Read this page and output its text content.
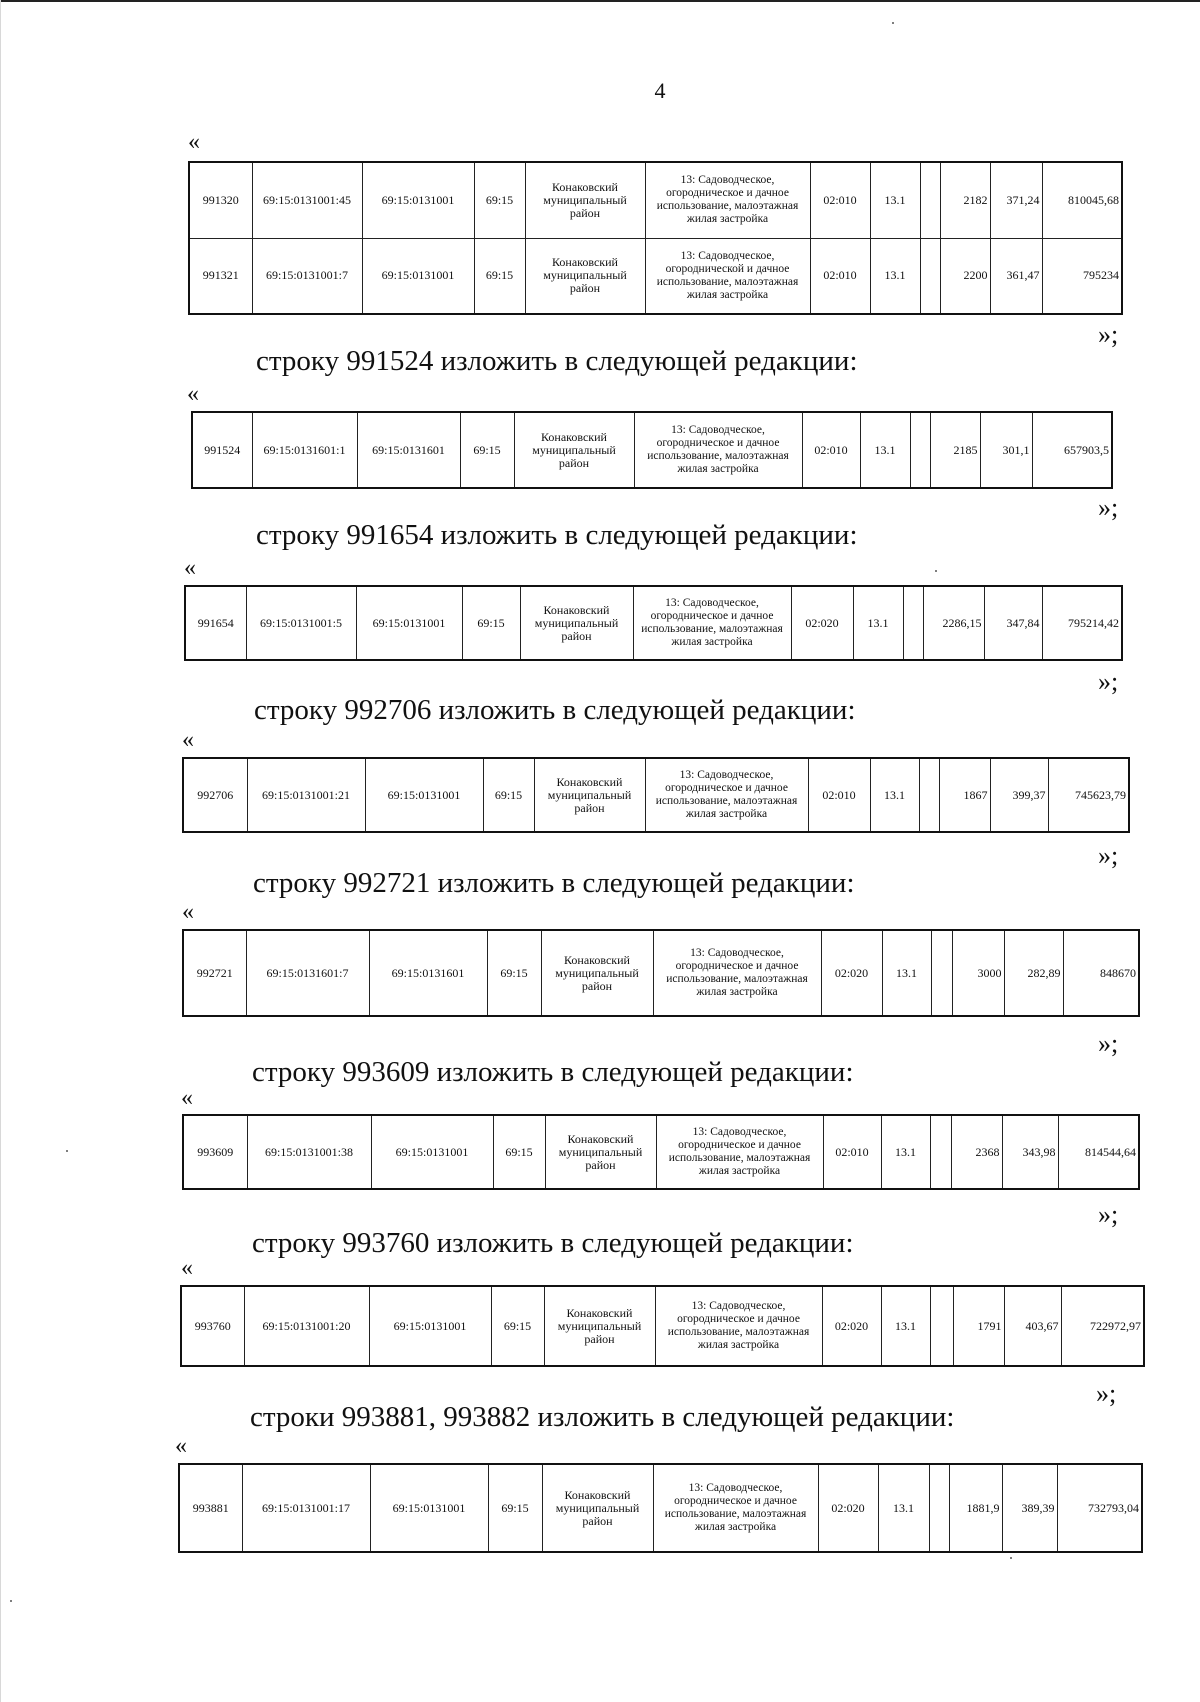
4
«
991320	69:15:0131001:45	69:15:0131001	69:15	Конаковский муниципальный район	13: Садоводческое, огородническое и дачное использование, малоэтажная жилая застройка	02:010	13.1		2182	371,24	810045,68
991321	69:15:0131001:7	69:15:0131001	69:15	Конаковский муниципальный район	13: Садоводческое, огороднической и дачное использование, малоэтажная жилая застройка	02:010	13.1		2200	361,47	795234
»;
строку 991524 изложить в следующей редакции:
«
991524	69:15:0131601:1	69:15:0131601	69:15	Конаковский муниципальный район	13: Садоводческое, огородническое и дачное использование, малоэтажная жилая застройка	02:010	13.1		2185	301,1	657903,5
»;
строку 991654 изложить в следующей редакции:
«
991654	69:15:0131001:5	69:15:0131001	69:15	Конаковский муниципальный район	13: Садоводческое, огородническое и дачное использование, малоэтажная жилая застройка	02:020	13.1		2286,15	347,84	795214,42
»;
строку 992706 изложить в следующей редакции:
«
992706	69:15:0131001:21	69:15:0131001	69:15	Конаковский муниципальный район	13: Садоводческое, огородническое и дачное использование, малоэтажная жилая застройка	02:010	13.1		1867	399,37	745623,79
»;
строку 992721 изложить в следующей редакции:
«
992721	69:15:0131601:7	69:15:0131601	69:15	Конаковский муниципальный район	13: Садоводческое, огородническое и дачное использование, малоэтажная жилая застройка	02:020	13.1		3000	282,89	848670
»;
строку 993609 изложить в следующей редакции:
«
993609	69:15:0131001:38	69:15:0131001	69:15	Конаковский муниципальный район	13: Садоводческое, огородническое и дачное использование, малоэтажная жилая застройка	02:010	13.1		2368	343,98	814544,64
»;
строку 993760 изложить в следующей редакции:
«
993760	69:15:0131001:20	69:15:0131001	69:15	Конаковский муниципальный район	13: Садоводческое, огородническое и дачное использование, малоэтажная жилая застройка	02:020	13.1		1791	403,67	722972,97
»;
строки 993881, 993882 изложить в следующей редакции:
«
993881	69:15:0131001:17	69:15:0131001	69:15	Конаковский муниципальный район	13: Садоводческое, огородническое и дачное использование, малоэтажная жилая застройка	02:020	13.1		1881,9	389,39	732793,04
